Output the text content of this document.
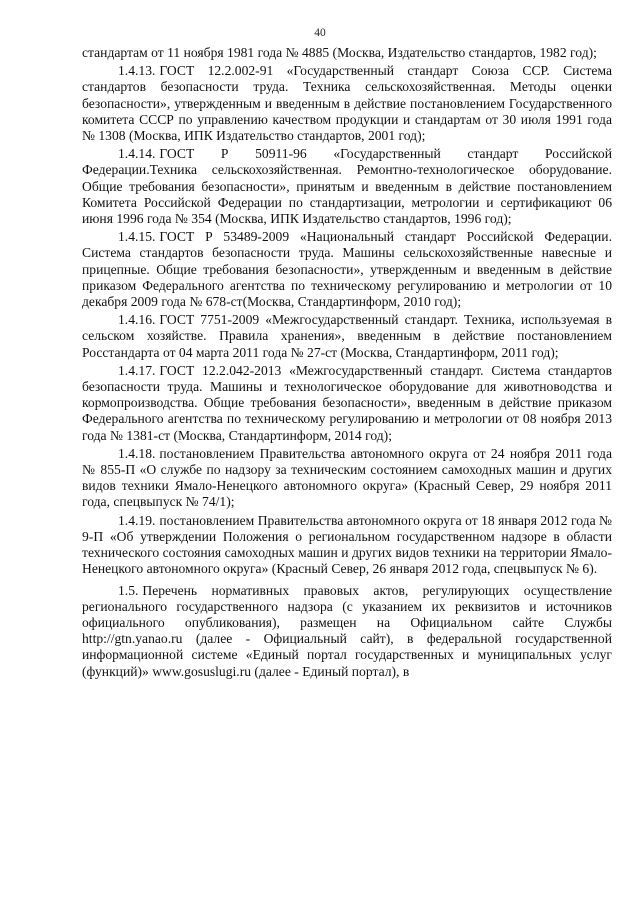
40

стандартам от 11 ноября 1981 года № 4885 (Москва, Издательство стандартов, 1982 год);

1.4.13. ГОСТ 12.2.002-91 «Государственный стандарт Союза ССР. Система стандартов безопасности труда. Техника сельскохозяйственная. Методы оценки безопасности», утвержденным и введенным в действие постановлением Государственного комитета СССР по управлению качеством продукции и стандартам от 30 июля 1991 года № 1308 (Москва, ИПК Издательство стандартов, 2001 год);

1.4.14. ГОСТ Р 50911-96 «Государственный стандарт Российской Федерации.Техника сельскохозяйственная. Ремонтно-технологическое оборудование. Общие требования безопасности», принятым и введенным в действие постановлением Комитета Российской Федерации по стандартизации, метрологии и сертификациют 06 июня 1996 года № 354 (Москва, ИПК Издательство стандартов, 1996 год);

1.4.15. ГОСТ Р 53489-2009 «Национальный стандарт Российской Федерации. Система стандартов безопасности труда. Машины сельскохозяйственные навесные и прицепные. Общие требования безопасности», утвержденным и введенным в действие приказом Федерального агентства по техническому регулированию и метрологии от 10 декабря 2009 года № 678-ст(Москва, Стандартинформ, 2010 год);

1.4.16. ГОСТ 7751-2009 «Межгосударственный стандарт. Техника, используемая в сельском хозяйстве. Правила хранения», введенным в действие постановлением Росстандарта от 04 марта 2011 года № 27-ст (Москва, Стандартинформ, 2011 год);

1.4.17. ГОСТ 12.2.042-2013 «Межгосударственный стандарт. Система стандартов безопасности труда. Машины и технологическое оборудование для животноводства и кормопроизводства. Общие требования безопасности», введенным в действие приказом Федерального агентства по техническому регулированию и метрологии от 08 ноября 2013 года № 1381-ст (Москва, Стандартинформ, 2014 год);

1.4.18. постановлением Правительства автономного округа от 24 ноября 2011 года № 855-П «О службе по надзору за техническим состоянием самоходных машин и других видов техники Ямало-Ненецкого автономного округа» (Красный Север, 29 ноября 2011 года, спецвыпуск № 74/1);

1.4.19. постановлением Правительства автономного округа от 18 января 2012 года № 9-П «Об утверждении Положения о региональном государственном надзоре в области технического состояния самоходных машин и других видов техники на территории Ямало-Ненецкого автономного округа» (Красный Север, 26 января 2012 года, спецвыпуск № 6).

1.5. Перечень нормативных правовых актов, регулирующих осуществление регионального государственного надзора (с указанием их реквизитов и источников официального опубликования), размещен на Официальном сайте Службы http://gtn.yanao.ru (далее - Официальный сайт), в федеральной государственной информационной системе «Единый портал государственных и муниципальных услуг (функций)» www.gosuslugi.ru (далее - Единый портал), в
